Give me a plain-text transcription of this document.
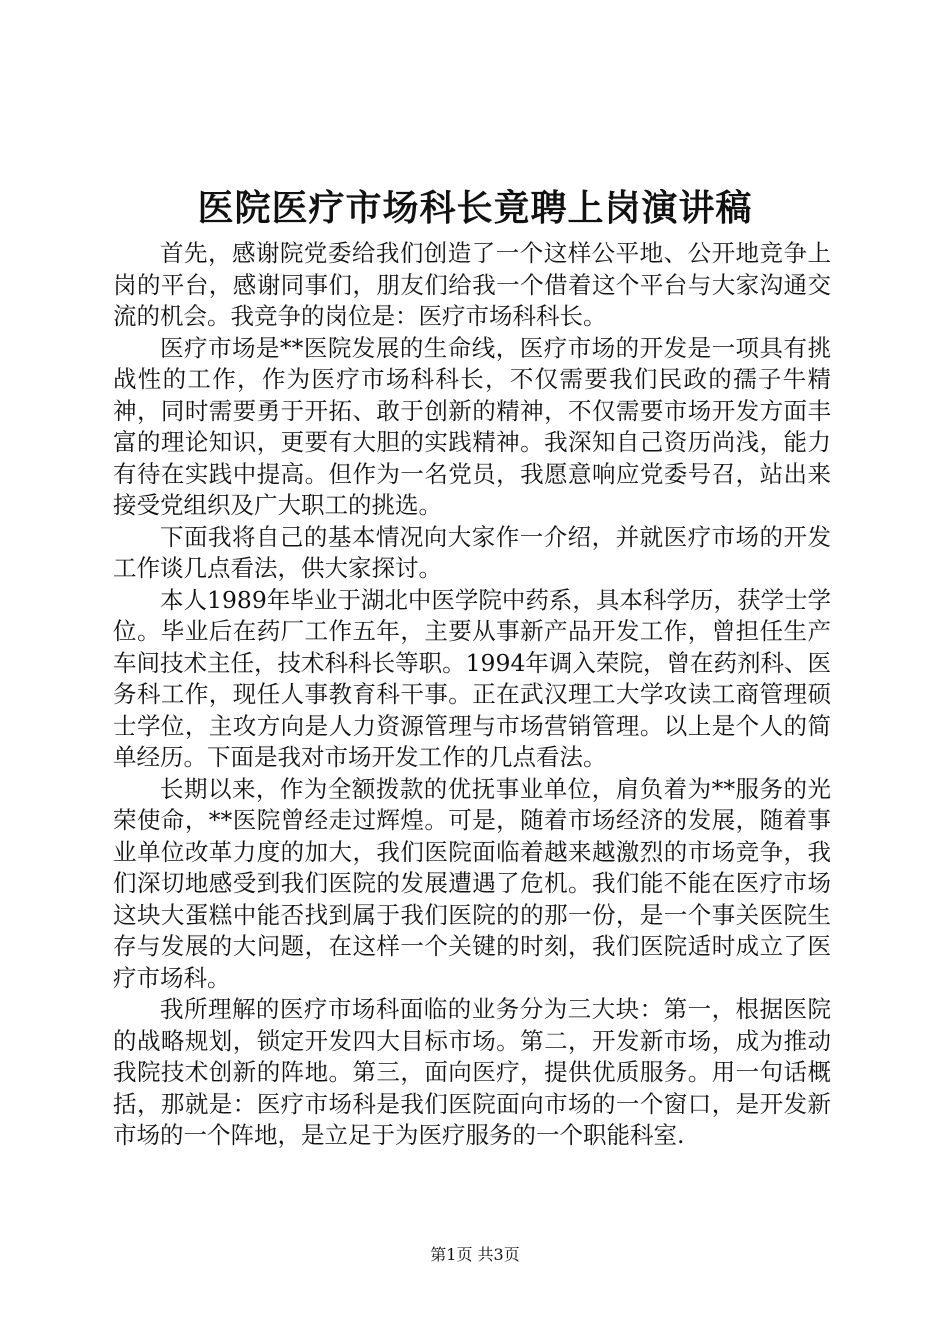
医院医疗市场科长竟聘上岗演讲稿

首先，感谢院党委给我们创造了一个这样公平地、公开地竞争上岗的平台，感谢同事们，朋友们给我一个借着这个平台与大家沟通交流的机会。我竞争的岗位是：医疗市场科科长。

医疗市场是**医院发展的生命线，医疗市场的开发是一项具有挑战性的工作，作为医疗市场科科长，不仅需要我们民政的孺子牛精神，同时需要勇于开拓、敢于创新的精神，不仅需要市场开发方面丰富的理论知识，更要有大胆的实践精神。我深知自己资历尚浅，能力有待在实践中提高。但作为一名党员，我愿意响应党委号召，站出来接受党组织及广大职工的挑选。

下面我将自己的基本情况向大家作一介绍，并就医疗市场的开发工作谈几点看法，供大家探讨。

本人1989年毕业于湖北中医学院中药系，具本科学历，获学士学位。毕业后在药厂工作五年，主要从事新产品开发工作，曾担任生产车间技术主任，技术科科长等职。1994年调入荣院，曾在药剂科、医务科工作，现任人事教育科干事。正在武汉理工大学攻读工商管理硕士学位，主攻方向是人力资源管理与市场营销管理。以上是个人的简单经历。下面是我对市场开发工作的几点看法。

长期以来，作为全额拨款的优抚事业单位，肩负着为**服务的光荣使命，**医院曾经走过辉煌。可是，随着市场经济的发展，随着事业单位改革力度的加大，我们医院面临着越来越激烈的市场竞争，我们深切地感受到我们医院的发展遭遇了危机。我们能不能在医疗市场这块大蛋糕中能否找到属于我们医院的的那一份，是一个事关医院生存与发展的大问题，在这样一个关键的时刻，我们医院适时成立了医疗市场科。

我所理解的医疗市场科面临的业务分为三大块：第一，根据医院的战略规划，锁定开发四大目标市场。第二，开发新市场，成为推动我院技术创新的阵地。第三，面向医疗，提供优质服务。用一句话概括，那就是：医疗市场科是我们医院面向市场的一个窗口，是开发新市场的一个阵地，是立足于为医疗服务的一个职能科室.

第1页 共3页
